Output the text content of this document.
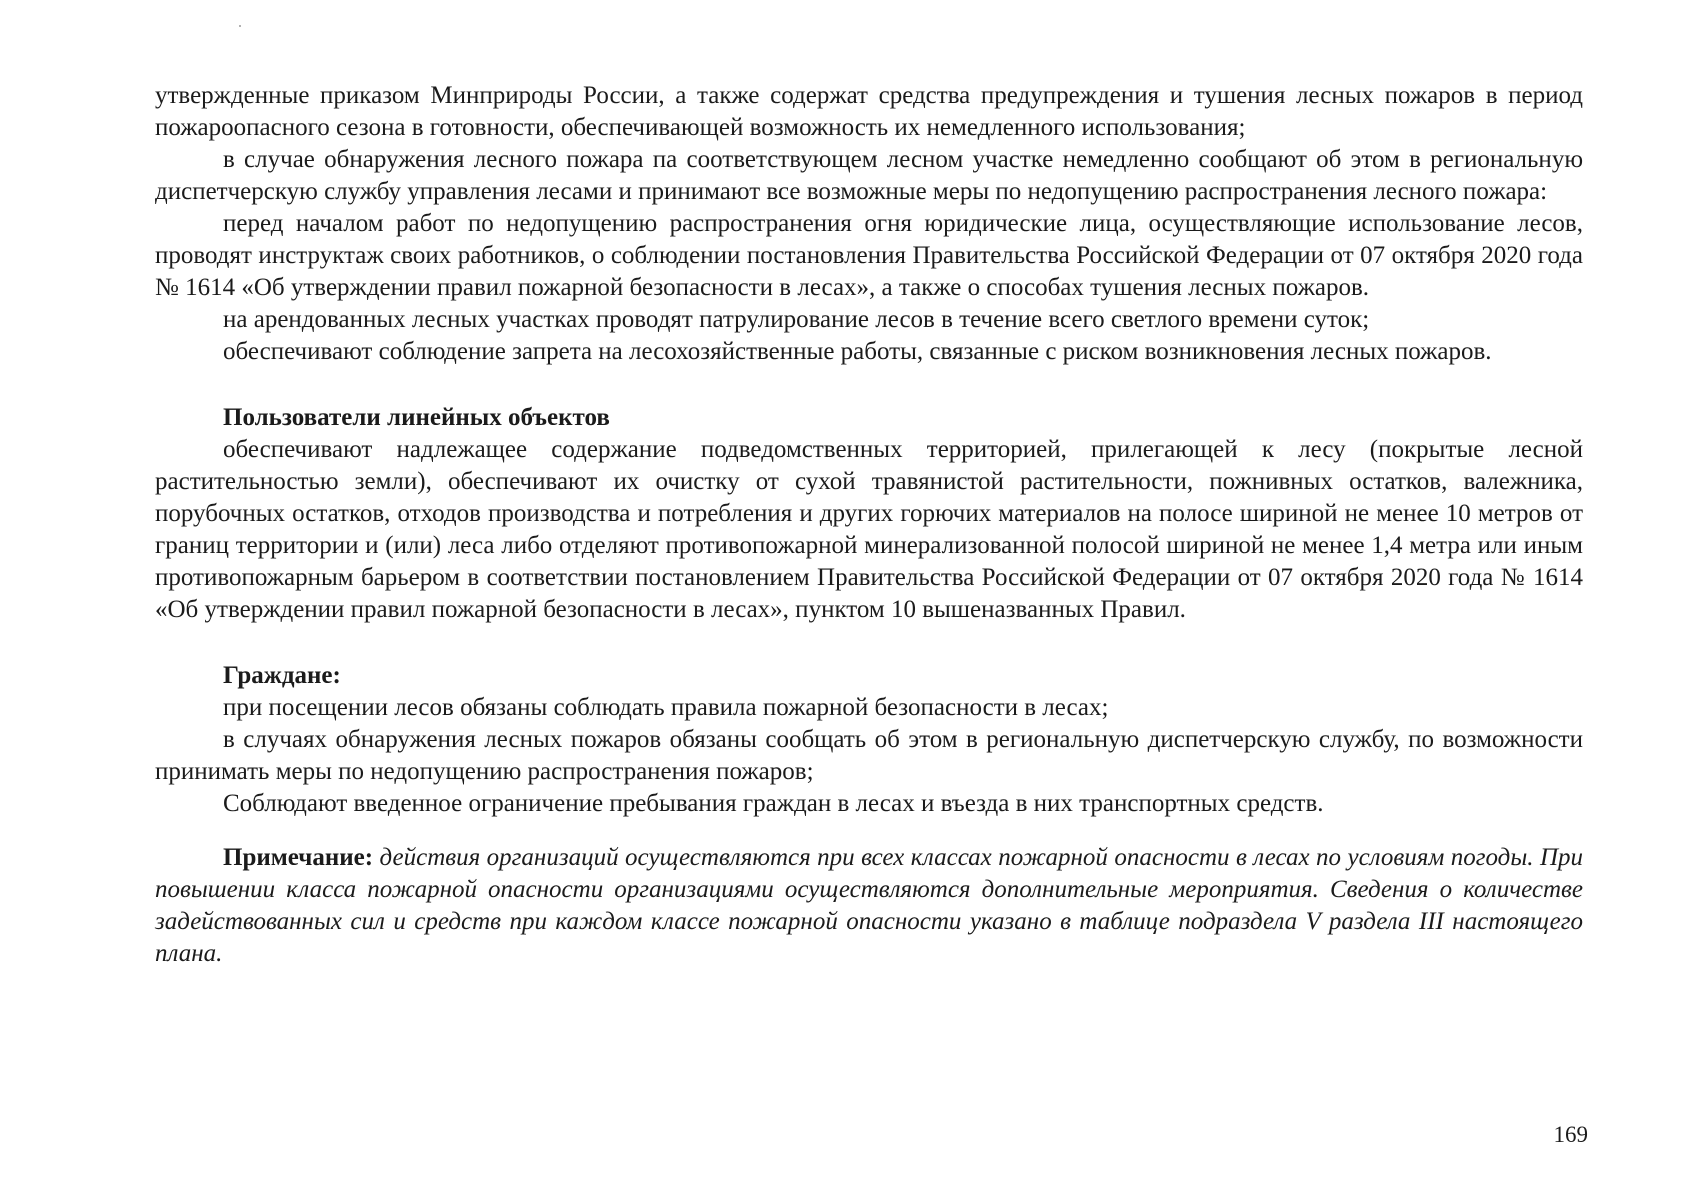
утвержденные приказом Минприроды России, а также содержат средства предупреждения и тушения лесных пожаров в период пожароопасного сезона в готовности, обеспечивающей возможность их немедленного использования;

в случае обнаружения лесного пожара па соответствующем лесном участке немедленно сообщают об этом в региональную диспетчерскую службу управления лесами и принимают все возможные меры по недопущению распространения лесного пожара:

перед началом работ по недопущению распространения огня юридические лица, осуществляющие использование лесов, проводят инструктаж своих работников, о соблюдении постановления Правительства Российской Федерации от 07 октября 2020 года № 1614 «Об утверждении правил пожарной безопасности в лесах», а также о способах тушения лесных пожаров.

на арендованных лесных участках проводят патрулирование лесов в течение всего светлого времени суток;

обеспечивают соблюдение запрета на лесохозяйственные работы, связанные с риском возникновения лесных пожаров.

Пользователи линейных объектов

обеспечивают надлежащее содержание подведомственных территорией, прилегающей к лесу (покрытые лесной растительностью земли), обеспечивают их очистку от сухой травянистой растительности, пожнивных остатков, валежника, порубочных остатков, отходов производства и потребления и других горючих материалов на полосе шириной не менее 10 метров от границ территории и (или) леса либо отделяют противопожарной минерализованной полосой шириной не менее 1,4 метра или иным противопожарным барьером в соответствии постановлением Правительства Российской Федерации от 07 октября 2020 года № 1614 «Об утверждении правил пожарной безопасности в лесах», пунктом 10 вышеназванных Правил.

Граждане:

при посещении лесов обязаны соблюдать правила пожарной безопасности в лесах;

в случаях обнаружения лесных пожаров обязаны сообщать об этом в региональную диспетчерскую службу, по возможности принимать меры по недопущению распространения пожаров;

Соблюдают введенное ограничение пребывания граждан в лесах и въезда в них транспортных средств.

Примечание: действия организаций осуществляются при всех классах пожарной опасности в лесах по условиям погоды. При повышении класса пожарной опасности организациями осуществляются дополнительные мероприятия. Сведения о количестве задействованных сил и средств при каждом классе пожарной опасности указано в таблице подраздела V раздела III настоящего плана.

169
